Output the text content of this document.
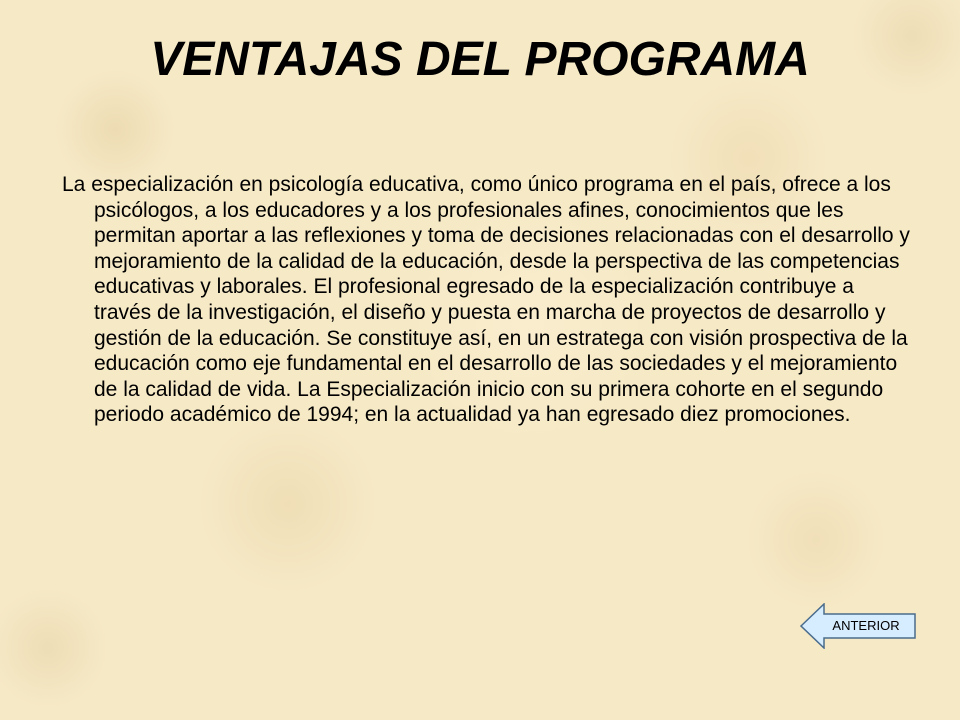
VENTAJAS DEL PROGRAMA

La especialización en psicología educativa, como único programa en el país, ofrece a los psicólogos, a los educadores y a los profesionales afines, conocimientos que les permitan aportar a las reflexiones y toma de decisiones relacionadas con el desarrollo y mejoramiento de la calidad de la educación, desde la perspectiva de las competencias educativas y laborales. El profesional egresado de la especialización contribuye a través de la investigación, el diseño y puesta en marcha de proyectos de desarrollo y gestión de la educación. Se constituye así, en un estratega con visión prospectiva de la educación como eje fundamental en el desarrollo de las sociedades y el mejoramiento de la calidad de vida. La Especialización inicio con su primera cohorte en el segundo periodo académico de 1994; en la actualidad ya han egresado diez promociones.

ANTERIOR
